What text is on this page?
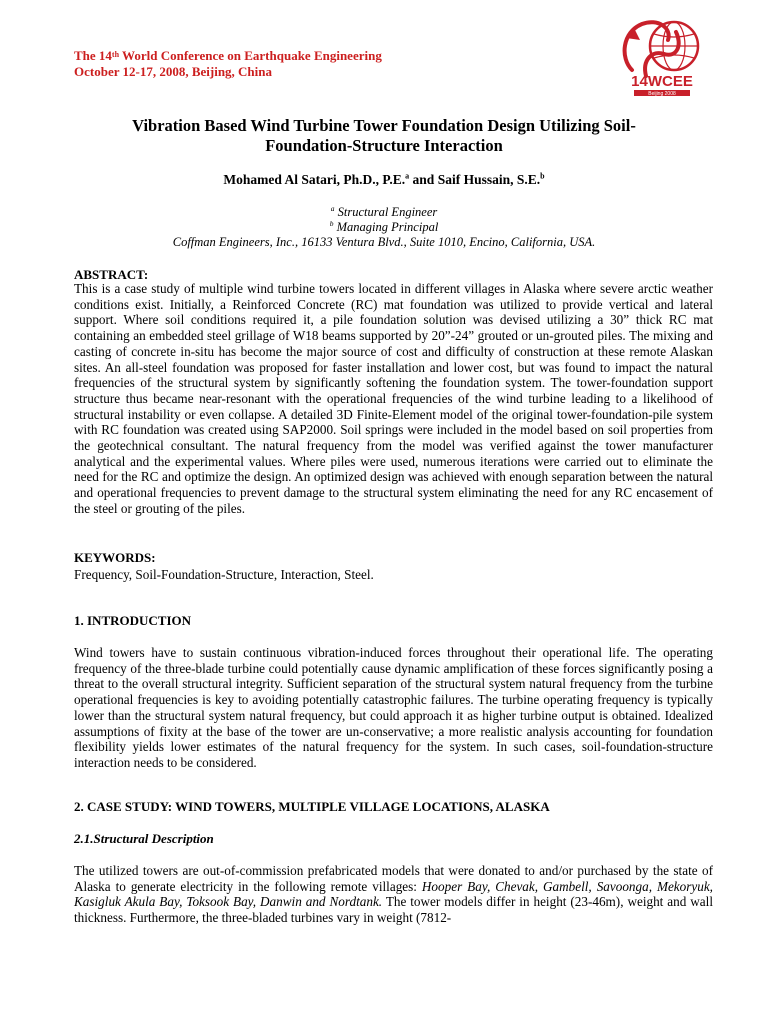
The 14th World Conference on Earthquake Engineering
October 12-17, 2008, Beijing, China
14WCEE
Beijing 2008
Vibration Based Wind Turbine Tower Foundation Design Utilizing Soil-Foundation-Structure Interaction
Mohamed Al Satari, Ph.D., P.E.$^a$ and Saif Hussain, S.E.$^b$
$^a$ Structural Engineer
$^b$ Managing Principal
Coffman Engineers, Inc., 16133 Ventura Blvd., Suite 1010, Encino, California, USA.
ABSTRACT:
This is a case study of multiple wind turbine towers located in different villages in Alaska where severe arctic weather conditions exist. Initially, a Reinforced Concrete (RC) mat foundation was utilized to provide vertical and lateral support. Where soil conditions required it, a pile foundation solution was devised utilizing a 30” thick RC mat containing an embedded steel grillage of W18 beams supported by 20”-24” grouted or un-grouted piles. The mixing and casting of concrete in-situ has become the major source of cost and difficulty of construction at these remote Alaskan sites. An all-steel foundation was proposed for faster installation and lower cost, but was found to impact the natural frequencies of the structural system by significantly softening the foundation system. The tower-foundation support structure thus became near-resonant with the operational frequencies of the wind turbine leading to a likelihood of structural instability or even collapse. A detailed 3D Finite-Element model of the original tower-foundation-pile system with RC foundation was created using SAP2000. Soil springs were included in the model based on soil properties from the geotechnical consultant. The natural frequency from the model was verified against the tower manufacturer analytical and the experimental values. Where piles were used, numerous iterations were carried out to eliminate the need for the RC and optimize the design. An optimized design was achieved with enough separation between the natural and operational frequencies to prevent damage to the structural system eliminating the need for any RC encasement of the steel or grouting of the piles.
KEYWORDS:
Frequency, Soil-Foundation-Structure, Interaction, Steel.
1. INTRODUCTION
Wind towers have to sustain continuous vibration-induced forces throughout their operational life. The operating frequency of the three-blade turbine could potentially cause dynamic amplification of these forces significantly posing a threat to the overall structural integrity. Sufficient separation of the structural system natural frequency from the turbine operational frequencies is key to avoiding potentially catastrophic failures. The turbine operating frequency is typically lower than the structural system natural frequency, but could approach it as higher turbine output is obtained. Idealized assumptions of fixity at the base of the tower are un-conservative; a more realistic analysis accounting for foundation flexibility yields lower estimates of the natural frequency for the system. In such cases, soil-foundation-structure interaction needs to be considered.
2. CASE STUDY: WIND TOWERS, MULTIPLE VILLAGE LOCATIONS, ALASKA
2.1.Structural Description
The utilized towers are out-of-commission prefabricated models that were donated to and/or purchased by the state of Alaska to generate electricity in the following remote villages: Hooper Bay, Chevak, Gambell, Savoonga, Mekoryuk, Kasigluk Akula Bay, Toksook Bay, Danwin and Nordtank. The tower models differ in height (23-46m), weight and wall thickness. Furthermore, the three-bladed turbines vary in weight (7812-
